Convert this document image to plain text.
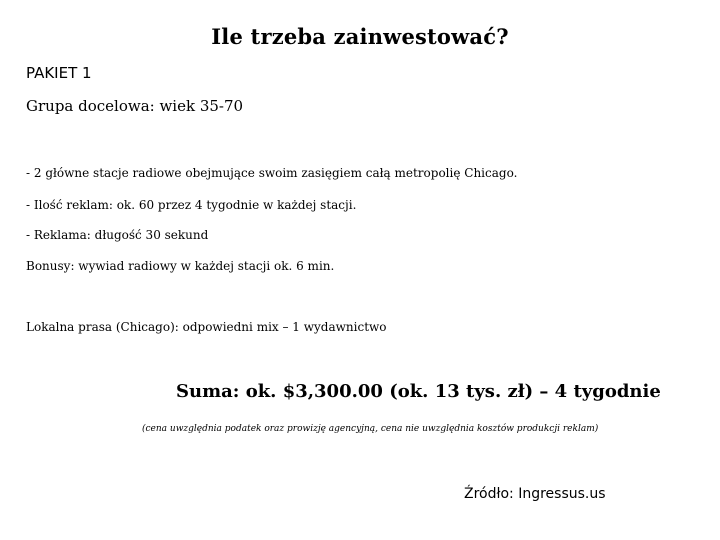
Ile trzeba zainwestować?

PAKIET 1

Grupa docelowa: wiek 35-70

- 2 główne stacje radiowe obejmujące swoim zasięgiem całą metropolię Chicago.

- Ilość reklam: ok. 60 przez 4 tygodnie w każdej stacji.

- Reklama: długość 30 sekund

Bonusy: wywiad radiowy w każdej stacji ok. 6 min.

Lokalna prasa (Chicago): odpowiedni mix – 1 wydawnictwo

Suma: ok. $3,300.00 (ok. 13 tys. zł) – 4 tygodnie

(cena uwzględnia podatek oraz prowizję agencyjną, cena nie uwzględnia kosztów produkcji reklam)

Źródło: Ingressus.us
